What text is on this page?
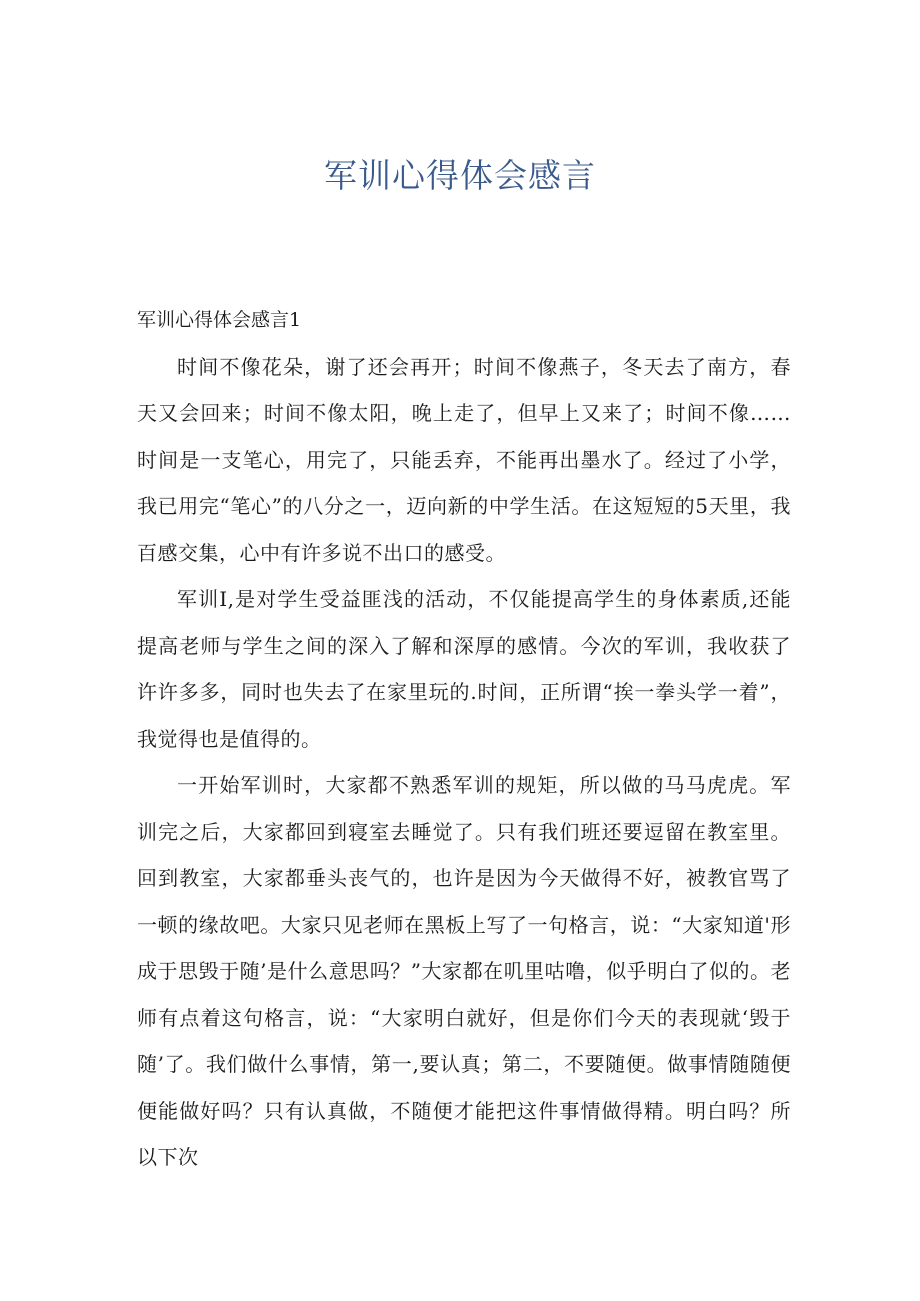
军训心得体会感言

军训心得体会感言1

时间不像花朵，谢了还会再开；时间不像燕子，冬天去了南方，春天又会回来；时间不像太阳，晚上走了，但早上又来了；时间不像……时间是一支笔心，用完了，只能丢弃，不能再出墨水了。经过了小学，我已用完“笔心”的八分之一，迈向新的中学生活。在这短短的5天里，我百感交集，心中有许多说不出口的感受。

军训I,是对学生受益匪浅的活动，不仅能提高学生的身体素质,还能提高老师与学生之间的深入了解和深厚的感情。今次的军训，我收获了许许多多，同时也失去了在家里玩的.时间，正所谓“挨一拳头学一着”，我觉得也是值得的。

一开始军训时，大家都不熟悉军训的规矩，所以做的马马虎虎。军训完之后，大家都回到寝室去睡觉了。只有我们班还要逗留在教室里。回到教室，大家都垂头丧气的，也许是因为今天做得不好，被教官骂了一顿的缘故吧。大家只见老师在黑板上写了一句格言，说：“大家知道'形成于思毁于随’是什么意思吗？”大家都在叽里咕噜，似乎明白了似的。老师有点着这句格言，说：“大家明白就好，但是你们今天的表现就‘毁于随’了。我们做什么事情，第一,要认真；第二，不要随便。做事情随随便便能做好吗？只有认真做，不随便才能把这件事情做得精。明白吗？所以下次
